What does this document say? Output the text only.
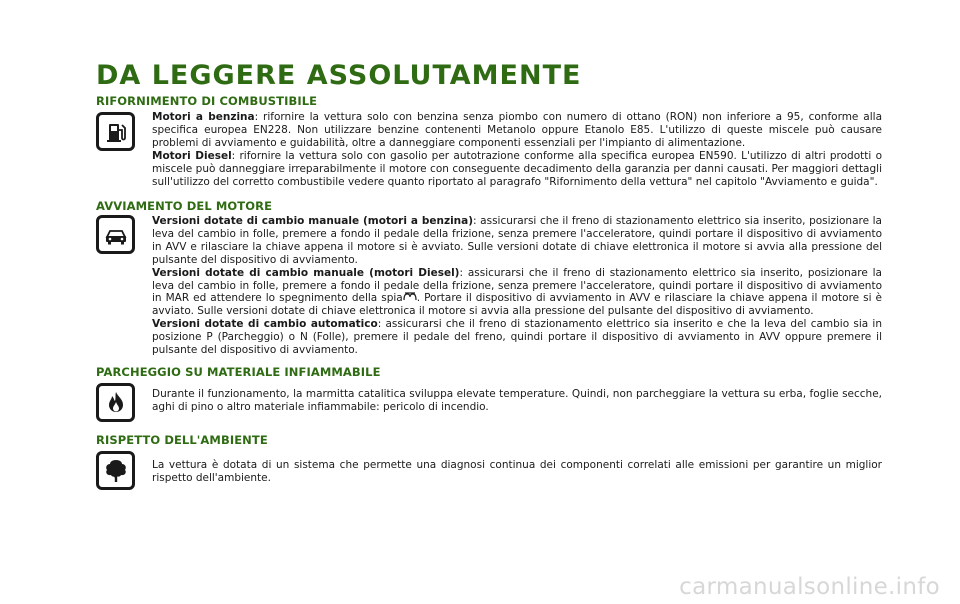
DA LEGGERE ASSOLUTAMENTE
RIFORNIMENTO DI COMBUSTIBILE

Motori a benzina: rifornire la vettura solo con benzina senza piombo con numero di ottano (RON) non inferiore a 95, conforme alla specifica europea EN228. Non utilizzare benzine contenenti Metanolo oppure Etanolo E85. L'utilizzo di queste miscele può causare problemi di avviamento e guidabilità, oltre a danneggiare componenti essenziali per l'impianto di alimentazione.

Motori Diesel: rifornire la vettura solo con gasolio per autotrazione conforme alla specifica europea EN590. L'utilizzo di altri prodotti o miscele può danneggiare irreparabilmente il motore con conseguente decadimento della garanzia per danni causati. Per maggiori dettagli sull'utilizzo del corretto combustibile vedere quanto riportato al paragrafo "Rifornimento della vettura" nel capitolo "Avviamento e guida".

AVVIAMENTO DEL MOTORE

Versioni dotate di cambio manuale (motori a benzina): assicurarsi che il freno di stazionamento elettrico sia inserito, posizionare la leva del cambio in folle, premere a fondo il pedale della frizione, senza premere l'acceleratore, quindi portare il dispositivo di avviamento in AVV e rilasciare la chiave appena il motore si è avviato. Sulle versioni dotate di chiave elettronica il motore si avvia alla pressione del pulsante del dispositivo di avviamento.

Versioni dotate di cambio manuale (motori Diesel): assicurarsi che il freno di stazionamento elettrico sia inserito, posizionare la leva del cambio in folle, premere a fondo il pedale della frizione, senza premere l'acceleratore, quindi portare il dispositivo di avviamento in MAR ed attendere lo spegnimento della spia . Portare il dispositivo di avviamento in AVV e rilasciare la chiave appena il motore si è avviato. Sulle versioni dotate di chiave elettronica il motore si avvia alla pressione del pulsante del dispositivo di avviamento.

Versioni dotate di cambio automatico: assicurarsi che il freno di stazionamento elettrico sia inserito e che la leva del cambio sia in posizione P (Parcheggio) o N (Folle), premere il pedale del freno, quindi portare il dispositivo di avviamento in AVV oppure premere il pulsante del dispositivo di avviamento.

PARCHEGGIO SU MATERIALE INFIAMMABILE

Durante il funzionamento, la marmitta catalitica sviluppa elevate temperature. Quindi, non parcheggiare la vettura su erba, foglie secche, aghi di pino o altro materiale infiammabile: pericolo di incendio.

RISPETTO DELL'AMBIENTE

La vettura è dotata di un sistema che permette una diagnosi continua dei componenti correlati alle emissioni per garantire un miglior rispetto dell'ambiente.

carmanualsonline.info
